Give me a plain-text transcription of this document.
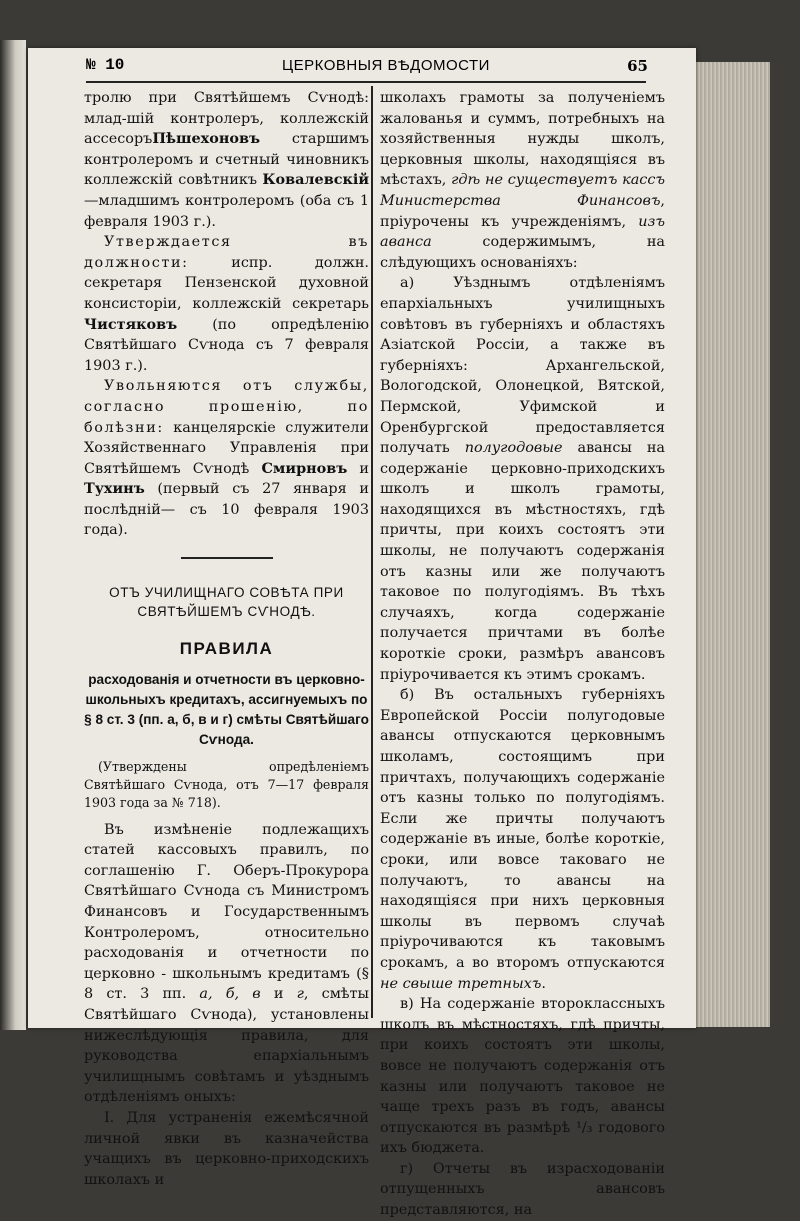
№ 10	ЦЕРКОВНЫЯ ВѢДОМОСТИ	65

тролю при Святѣйшемъ Сѵнодѣ: млад-шій контролеръ, коллежскій ассесоръПѣшехоновъ старшимъ контролеромъ и счетный чиновникъ коллежскій совѣтникъ Ковалевскій—младшимъ контролеромъ (оба съ 1 февраля 1903 г.).

Утверждается въ должности: испр. должн. секретаря Пензенской духовной консисторіи, коллежскій секретарь Чистяковъ (по опредѣленію Святѣйшаго Сѵнода съ 7 февраля 1903 г.).

Увольняются отъ службы, согласно прошенію, по болѣзни: канцелярскіе служители Хозяйственнаго Управленія при Святѣйшемъ Сѵнодѣ Смирновъ и Тухинъ (первый съ 27 января и послѣдній— съ 10 февраля 1903 года).

ОТЪ УЧИЛИЩНАГО СОВѢТА ПРИ СВЯТѢЙШЕМЪ СѴНОДѢ.
ПРАВИЛА
расходованія и отчетности въ церковно-школьныхъ кредитахъ, ассигнуемыхъ по § 8 ст. 3 (пп. а, б, в и г) смѣты Святѣйшаго Сѵнода.
(Утверждены опредѣленіемъ Святѣйшаго Сѵнода, отъ 7—17 февраля 1903 года за № 718).

Въ измѣненіе подлежащихъ статей кассовыхъ правилъ, по соглашенію Г. Оберъ-Прокурора Святѣйшаго Сѵнода съ Министромъ Финансовъ и Государственнымъ Контролеромъ, относительно расходованія и отчетности по церковно - школьнымъ кредитамъ (§ 8 ст. 3 пп. а, б, в и г, смѣты Святѣйшаго Сѵнода), установлены нижеслѣдующія правила, для руководства епархіальнымъ училищнымъ совѣтамъ и уѣзднымъ отдѣленіямъ оныхъ:

I. Для устраненія ежемѣсячной личной явки въ казначейства учащихъ въ церковно-приходскихъ школахъ и

школахъ грамоты за полученіемъ жалованья и суммъ, потребныхъ на хозяйственныя нужды школъ, церковныя школы, находящіяся въ мѣстахъ, гдѣ не существуетъ кассъ Министерства Финансовъ, пріурочены къ учрежденіямъ, изъ аванса содержимымъ, на слѣдующихъ основаніяхъ:

а) Уѣзднымъ отдѣленіямъ епархіальныхъ училищныхъ совѣтовъ въ губерніяхъ и областяхъ Азіатской Россіи, а также въ губерніяхъ: Архангельской, Вологодской, Олонецкой, Вятской, Пермской, Уфимской и Оренбургской предоставляется получать полугодовые авансы на содержаніе церковно-приходскихъ школъ и школъ грамоты, находящихся въ мѣстностяхъ, гдѣ причты, при коихъ состоятъ эти школы, не получаютъ содержанія отъ казны или же получаютъ таковое по полугодіямъ. Въ тѣхъ случаяхъ, когда содержаніе получается причтами въ болѣе короткіе сроки, размѣръ авансовъ пріурочивается къ этимъ срокамъ.

б) Въ остальныхъ губерніяхъ Европейской Россіи полугодовые авансы отпускаются церковнымъ школамъ, состоящимъ при причтахъ, получающихъ содержаніе отъ казны только по полугодіямъ. Если же причты получаютъ содержаніе въ иные, болѣе короткіе, сроки, или вовсе таковаго не получаютъ, то авансы на находящіяся при нихъ церковныя школы въ первомъ случаѣ пріурочиваются къ таковымъ срокамъ, а во второмъ отпускаются не свыше третныхъ.

в) На содержаніе второклассныхъ школъ въ мѣстностяхъ, гдѣ причты, при коихъ состоятъ эти школы, вовсе не получаютъ содержанія отъ казны или получаютъ таковое не чаще трехъ разъ въ годъ, авансы отпускаются въ размѣрѣ ¹/₃ годового ихъ бюджета.

г) Отчеты въ израсходованіи отпущенныхъ авансовъ представляются, на
